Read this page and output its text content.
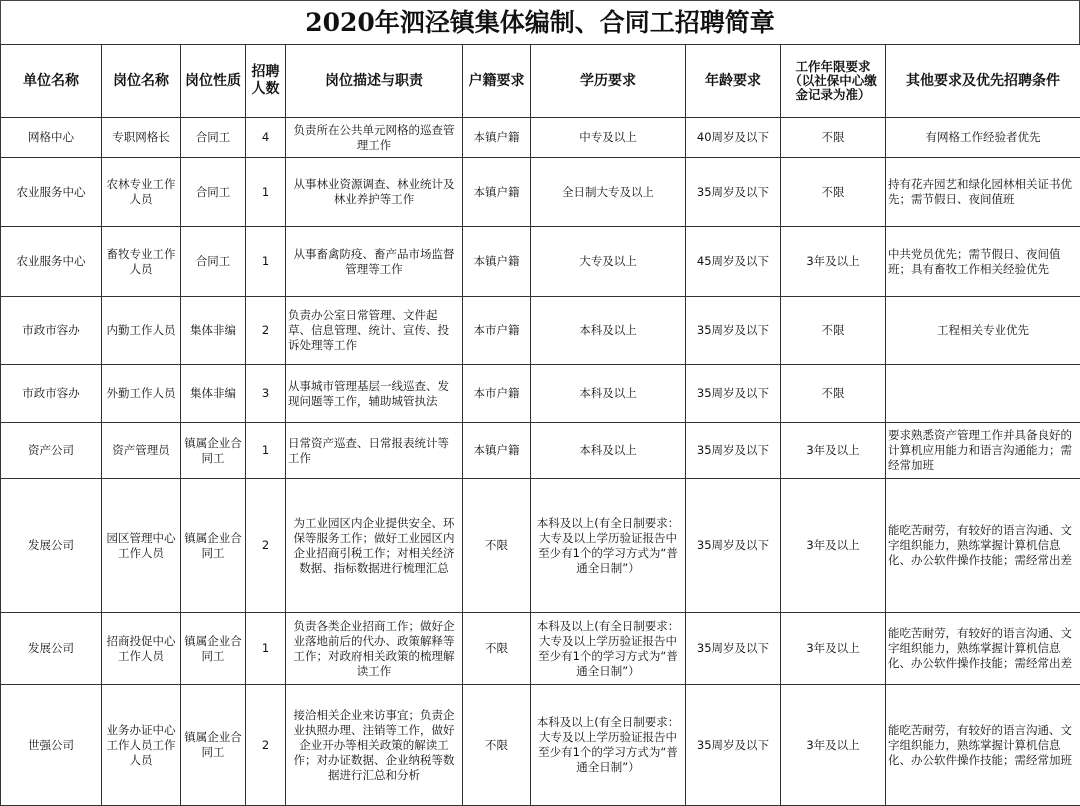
2020年泗泾镇集体编制、合同工招聘简章
单位名称	岗位名称	岗位性质	招聘人数	岗位描述与职责	户籍要求	学历要求	年龄要求	工作年限要求（以社保中心缴金记录为准）	其他要求及优先招聘条件
网格中心	专职网格长	合同工	4	负责所在公共单元网格的巡查管理工作	本镇户籍	中专及以上	40周岁及以下	不限	有网格工作经验者优先
农业服务中心	农林专业工作人员	合同工	1	从事林业资源调查、林业统计及林业养护等工作	本镇户籍	全日制大专及以上	35周岁及以下	不限	持有花卉园艺和绿化园林相关证书优先；需节假日、夜间值班
农业服务中心	畜牧专业工作人员	合同工	1	从事畜禽防疫、畜产品市场监督管理等工作	本镇户籍	大专及以上	45周岁及以下	3年及以上	中共党员优先；需节假日、夜间值班；具有畜牧工作相关经验优先
市政市容办	内勤工作人员	集体非编	2	负责办公室日常管理、文件起草、信息管理、统计、宣传、投诉处理等工作	本市户籍	本科及以上	35周岁及以下	不限	工程相关专业优先
市政市容办	外勤工作人员	集体非编	3	从事城市管理基层一线巡查、发现问题等工作，辅助城管执法	本市户籍	本科及以上	35周岁及以下	不限	
资产公司	资产管理员	镇属企业合同工	1	日常资产巡查、日常报表统计等工作	本镇户籍	本科及以上	35周岁及以下	3年及以上	要求熟悉资产管理工作并具备良好的计算机应用能力和语言沟通能力；需经常加班
发展公司	园区管理中心工作人员	镇属企业合同工	2	为工业园区内企业提供安全、环保等服务工作；做好工业园区内企业招商引税工作；对相关经济数据、指标数据进行梳理汇总	不限	本科及以上(有全日制要求：大专及以上学历验证报告中至少有1个的学习方式为“普通全日制”）	35周岁及以下	3年及以上	能吃苦耐劳，有较好的语言沟通、文字组织能力，熟练掌握计算机信息化、办公软件操作技能；需经常出差
发展公司	招商投促中心工作人员	镇属企业合同工	1	负责各类企业招商工作；做好企业落地前后的代办、政策解释等工作；对政府相关政策的梳理解读工作	不限	本科及以上(有全日制要求：大专及以上学历验证报告中至少有1个的学习方式为“普通全日制”）	35周岁及以下	3年及以上	能吃苦耐劳，有较好的语言沟通、文字组织能力，熟练掌握计算机信息化、办公软件操作技能；需经常出差
世强公司	业务办证中心工作人员工作人员	镇属企业合同工	2	接洽相关企业来访事宜；负责企业执照办理、注销等工作，做好企业开办等相关政策的解读工作；对办证数据、企业纳税等数据进行汇总和分析	不限	本科及以上(有全日制要求：大专及以上学历验证报告中至少有1个的学习方式为“普通全日制”）	35周岁及以下	3年及以上	能吃苦耐劳，有较好的语言沟通、文字组织能力，熟练掌握计算机信息化、办公软件操作技能；需经常加班
